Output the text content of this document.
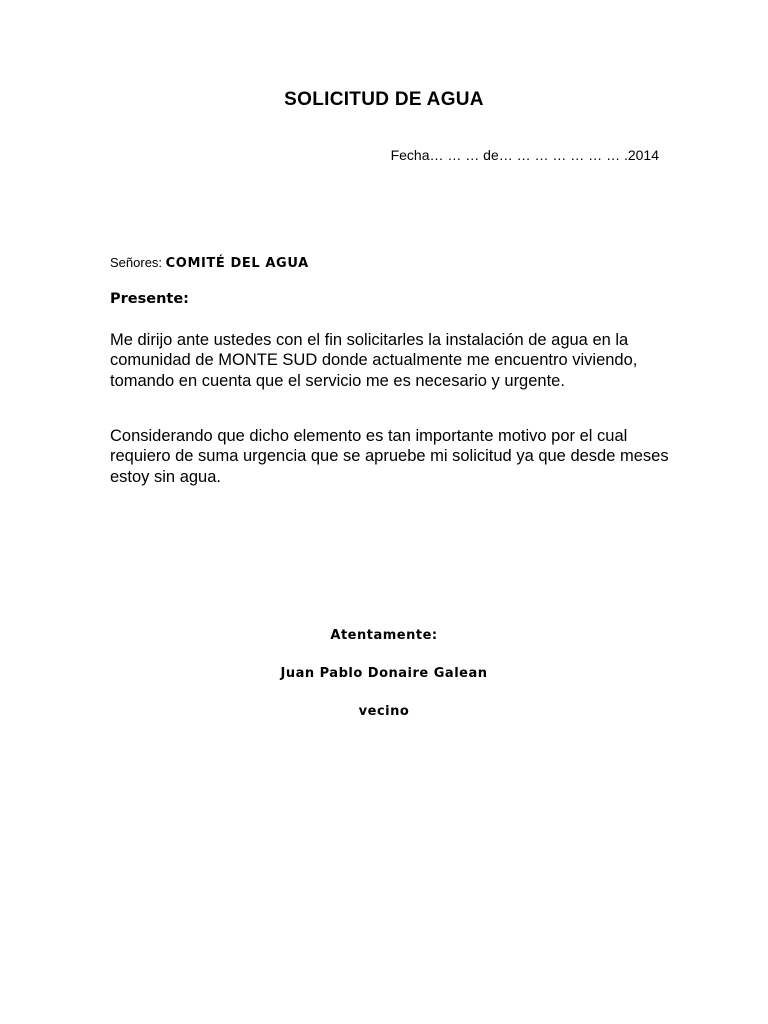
SOLICITUD DE AGUA
Fecha… … … de… … … … … … … .2014
Señores: COMITÉ DEL AGUA
Presente:

Me dirijo ante ustedes con el fin solicitarles la instalación de agua en la comunidad de MONTE SUD donde actualmente me encuentro viviendo, tomando en cuenta que el servicio me es necesario y urgente.

Considerando que dicho elemento es tan importante motivo por el cual requiero de suma urgencia que se apruebe mi solicitud ya que desde meses estoy sin agua.

Atentamente:
Juan Pablo Donaire Galean
vecino
